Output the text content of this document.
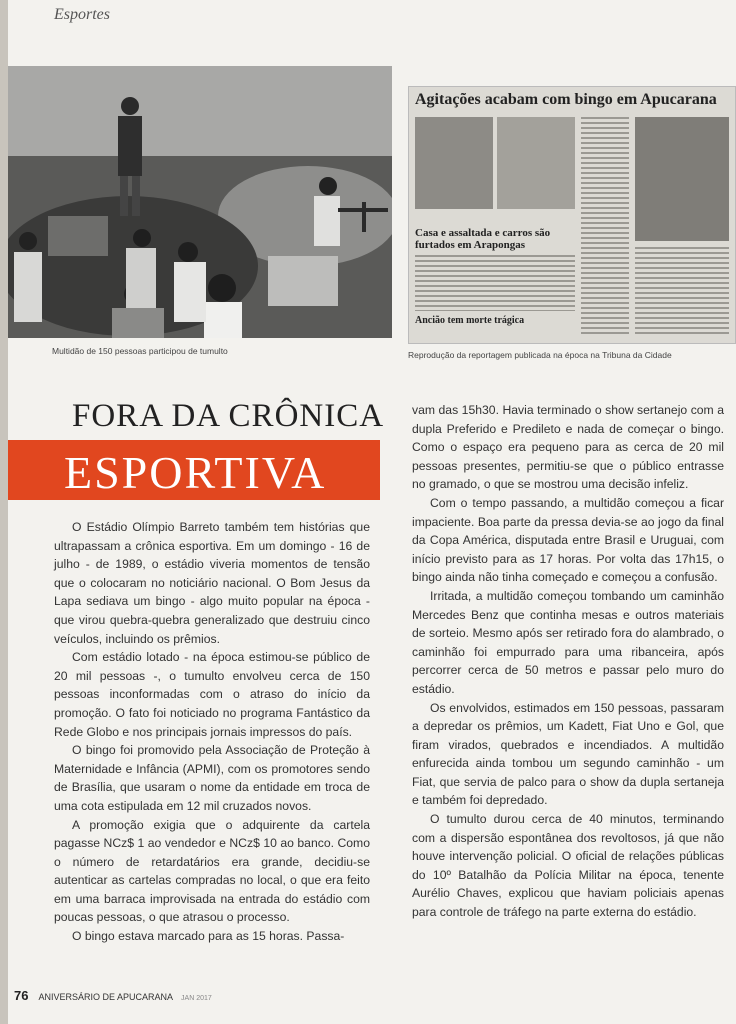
Esportes
Multidão de 150 pessoas participou de tumulto
Agitações acabam com bingo em Apucarana
Casa e assaltada e carros são furtados em Arapongas
Ancião tem morte trágica
Reprodução da reportagem publicada na época na Tribuna da Cidade
FORA DA CRÔNICA
ESPORTIVA

O Estádio Olímpio Barreto também tem histórias que ultrapassam a crônica esportiva. Em um domingo - 16 de julho - de 1989, o estádio viveria momentos de tensão que o colocaram no noticiário nacional. O Bom Jesus da Lapa sediava um bingo - algo muito popular na época - que virou quebra-quebra generalizado que destruiu cinco veículos, incluindo os prêmios.

Com estádio lotado - na época estimou-se público de 20 mil pessoas -, o tumulto envolveu cerca de 150 pessoas inconformadas com o atraso do início da promoção. O fato foi noticiado no programa Fantástico da Rede Globo e nos principais jornais impressos do país.

O bingo foi promovido pela Associação de Proteção à Maternidade e Infância (APMI), com os promotores sendo de Brasília, que usaram o nome da entidade em troca de uma cota estipulada em 12 mil cruzados novos.

A promoção exigia que o adquirente da cartela pagasse NCz$ 1 ao vendedor e NCz$ 10 ao banco. Como o número de retardatários era grande, decidiu-se autenticar as cartelas compradas no local, o que era feito em uma barraca improvisada na entrada do estádio com poucas pessoas, o que atrasou o processo.

O bingo estava marcado para as 15 horas. Passa-

vam das 15h30. Havia terminado o show sertanejo com a dupla Preferido e Predileto e nada de começar o bingo. Como o espaço era pequeno para as cerca de 20 mil pessoas presentes, permitiu-se que o público entrasse no gramado, o que se mostrou uma decisão infeliz.

Com o tempo passando, a multidão começou a ficar impaciente. Boa parte da pressa devia-se ao jogo da final da Copa América, disputada entre Brasil e Uruguai, com início previsto para as 17 horas. Por volta das 17h15, o bingo ainda não tinha começado e começou a confusão.

Irritada, a multidão começou tombando um caminhão Mercedes Benz que continha mesas e outros materiais de sorteio. Mesmo após ser retirado fora do alambrado, o caminhão foi empurrado para uma ribanceira, após percorrer cerca de 50 metros e passar pelo muro do estádio.

Os envolvidos, estimados em 150 pessoas, passaram a depredar os prêmios, um Kadett, Fiat Uno e Gol, que firam virados, quebrados e incendiados. A multidão enfurecida ainda tombou um segundo caminhão - um Fiat, que servia de palco para o show da dupla sertaneja e também foi depredado.

O tumulto durou cerca de 40 minutos, terminando com a dispersão espontânea dos revoltosos, já que não houve intervenção policial. O oficial de relações públicas do 10º Batalhão da Polícia Militar na época, tenente Aurélio Chaves, explicou que haviam policiais apenas para controle de tráfego na parte externa do estádio.

76 ANIVERSÁRIO DE APUCARANA JAN 2017
